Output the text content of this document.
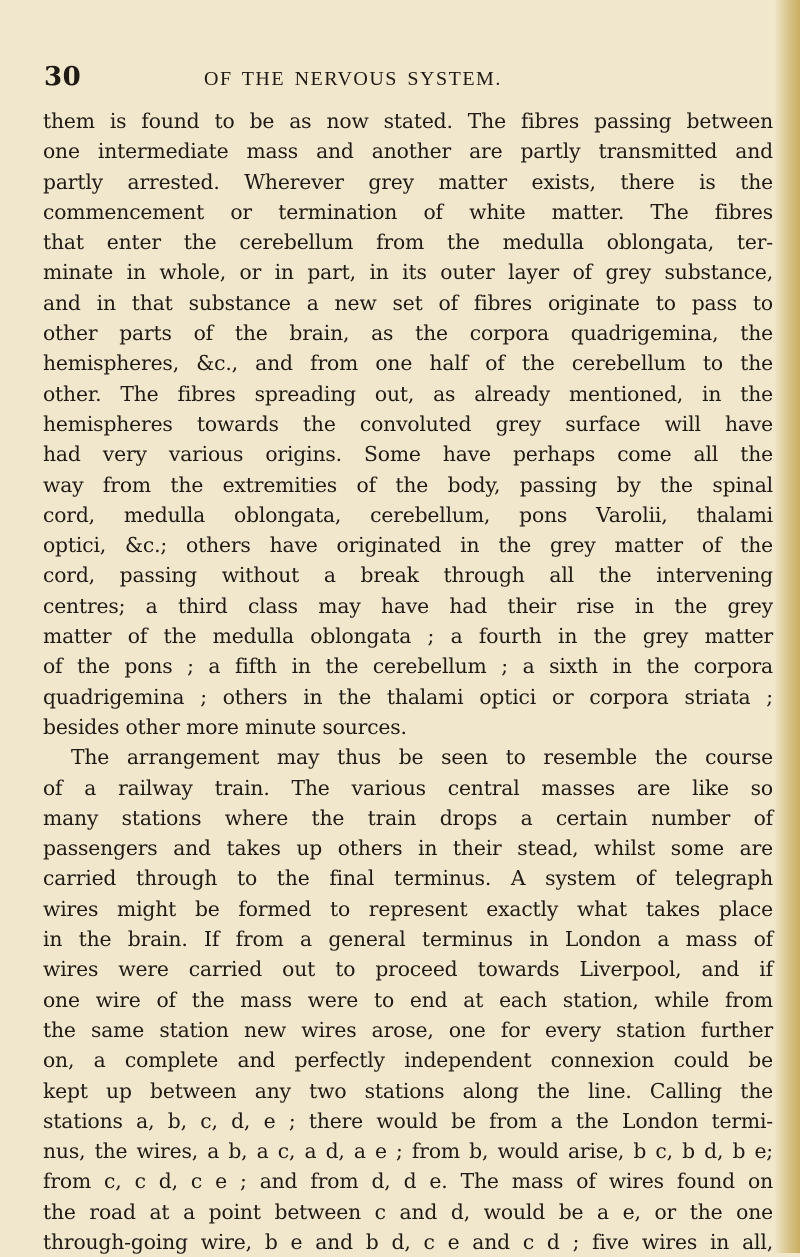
30	OF THE NERVOUS SYSTEM.
them is found to be as now stated. The fibres passing between
one intermediate mass and another are partly transmitted and
partly arrested. Wherever grey matter exists, there is the
commencement or termination of white matter. The fibres
that enter the cerebellum from the medulla oblongata, ter-
minate in whole, or in part, in its outer layer of grey substance,
and in that substance a new set of fibres originate to pass to
other parts of the brain, as the corpora quadrigemina, the
hemispheres, &c., and from one half of the cerebellum to the
other. The fibres spreading out, as already mentioned, in the
hemispheres towards the convoluted grey surface will have
had very various origins. Some have perhaps come all the
way from the extremities of the body, passing by the spinal
cord, medulla oblongata, cerebellum, pons Varolii, thalami
optici, &c.; others have originated in the grey matter of the
cord, passing without a break through all the intervening
centres; a third class may have had their rise in the grey
matter of the medulla oblongata ; a fourth in the grey matter
of the pons ; a fifth in the cerebellum ; a sixth in the corpora
quadrigemina ; others in the thalami optici or corpora striata ;
besides other more minute sources.
The arrangement may thus be seen to resemble the course
of a railway train. The various central masses are like so
many stations where the train drops a certain number of
passengers and takes up others in their stead, whilst some are
carried through to the final terminus. A system of telegraph
wires might be formed to represent exactly what takes place
in the brain. If from a general terminus in London a mass of
wires were carried out to proceed towards Liverpool, and if
one wire of the mass were to end at each station, while from
the same station new wires arose, one for every station further
on, a complete and perfectly independent connexion could be
kept up between any two stations along the line. Calling the
stations a, b, c, d, e ; there would be from a the London termi-
nus, the wires, a b, a c, a d, a e ; from b, would arise, b c, b d, b e;
from c, c d, c e ; and from d, d e. The mass of wires found on
the road at a point between c and d, would be a e, or the one
through-going wire, b e and b d, c e and c d ; five wires in all,
